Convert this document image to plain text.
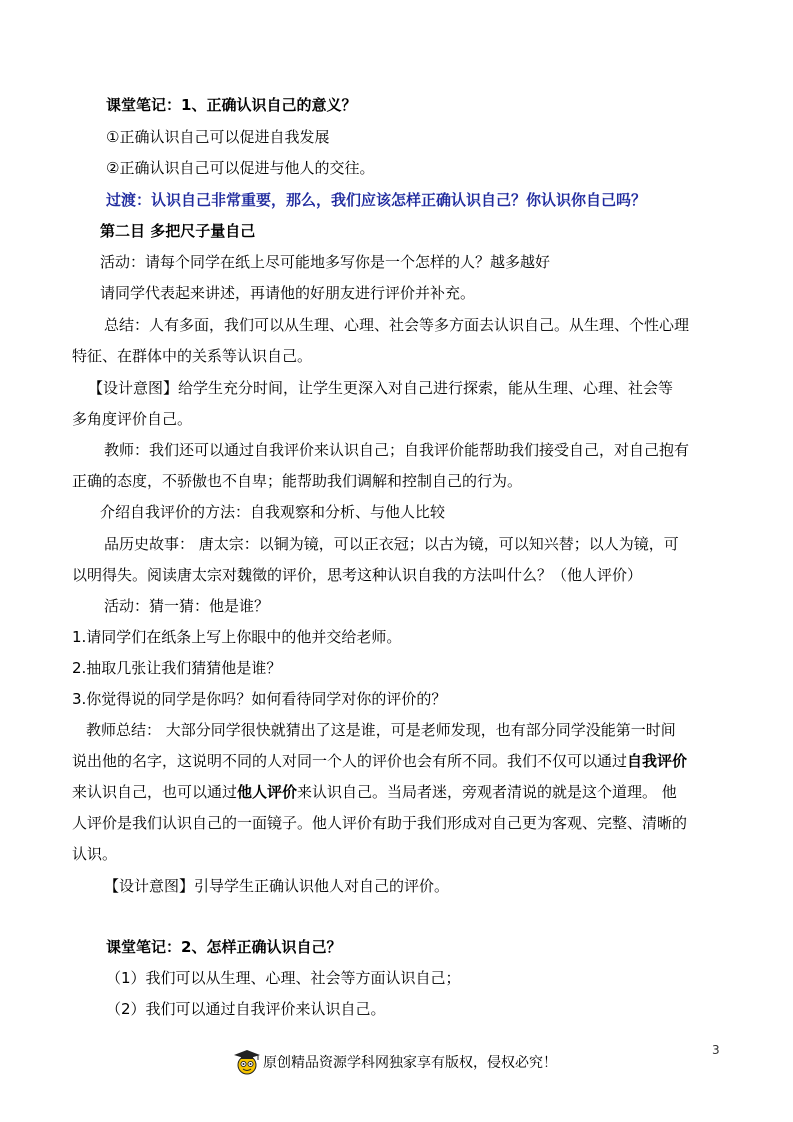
课堂笔记：1、正确认识自己的意义？
①正确认识自己可以促进自我发展
②正确认识自己可以促进与他人的交往。
过渡：认识自己非常重要，那么，我们应该怎样正确认识自己？你认识你自己吗？
第二目 多把尺子量自己
活动：请每个同学在纸上尽可能地多写你是一个怎样的人？越多越好
请同学代表起来讲述，再请他的好朋友进行评价并补充。
总结：人有多面，我们可以从生理、心理、社会等多方面去认识自己。从生理、个性心理
特征、在群体中的关系等认识自己。
【设计意图】给学生充分时间，让学生更深入对自己进行探索，能从生理、心理、社会等
多角度评价自己。
教师：我们还可以通过自我评价来认识自己；自我评价能帮助我们接受自己，对自己抱有
正确的态度，不骄傲也不自卑；能帮助我们调解和控制自己的行为。
介绍自我评价的方法：自我观察和分析、与他人比较
品历史故事： 唐太宗：以铜为镜，可以正衣冠；以古为镜，可以知兴替；以人为镜，可
以明得失。阅读唐太宗对魏徵的评价，思考这种认识自我的方法叫什么？（他人评价）
活动：猜一猜：他是谁？
1.请同学们在纸条上写上你眼中的他并交给老师。
2.抽取几张让我们猜猜他是谁？
3.你觉得说的同学是你吗？如何看待同学对你的评价的？
教师总结： 大部分同学很快就猜出了这是谁，可是老师发现，也有部分同学没能第一时间
说出他的名字，这说明不同的人对同一个人的评价也会有所不同。我们不仅可以通过自我评价
来认识自己，也可以通过他人评价来认识自己。当局者迷，旁观者清说的就是这个道理。 他
人评价是我们认识自己的一面镜子。他人评价有助于我们形成对自己更为客观、完整、清晰的
认识。
【设计意图】引导学生正确认识他人对自己的评价。
课堂笔记：2、怎样正确认识自己？
（1）我们可以从生理、心理、社会等方面认识自己；
（2）我们可以通过自我评价来认识自己。
3
原创精品资源学科网独家享有版权，侵权必究！
